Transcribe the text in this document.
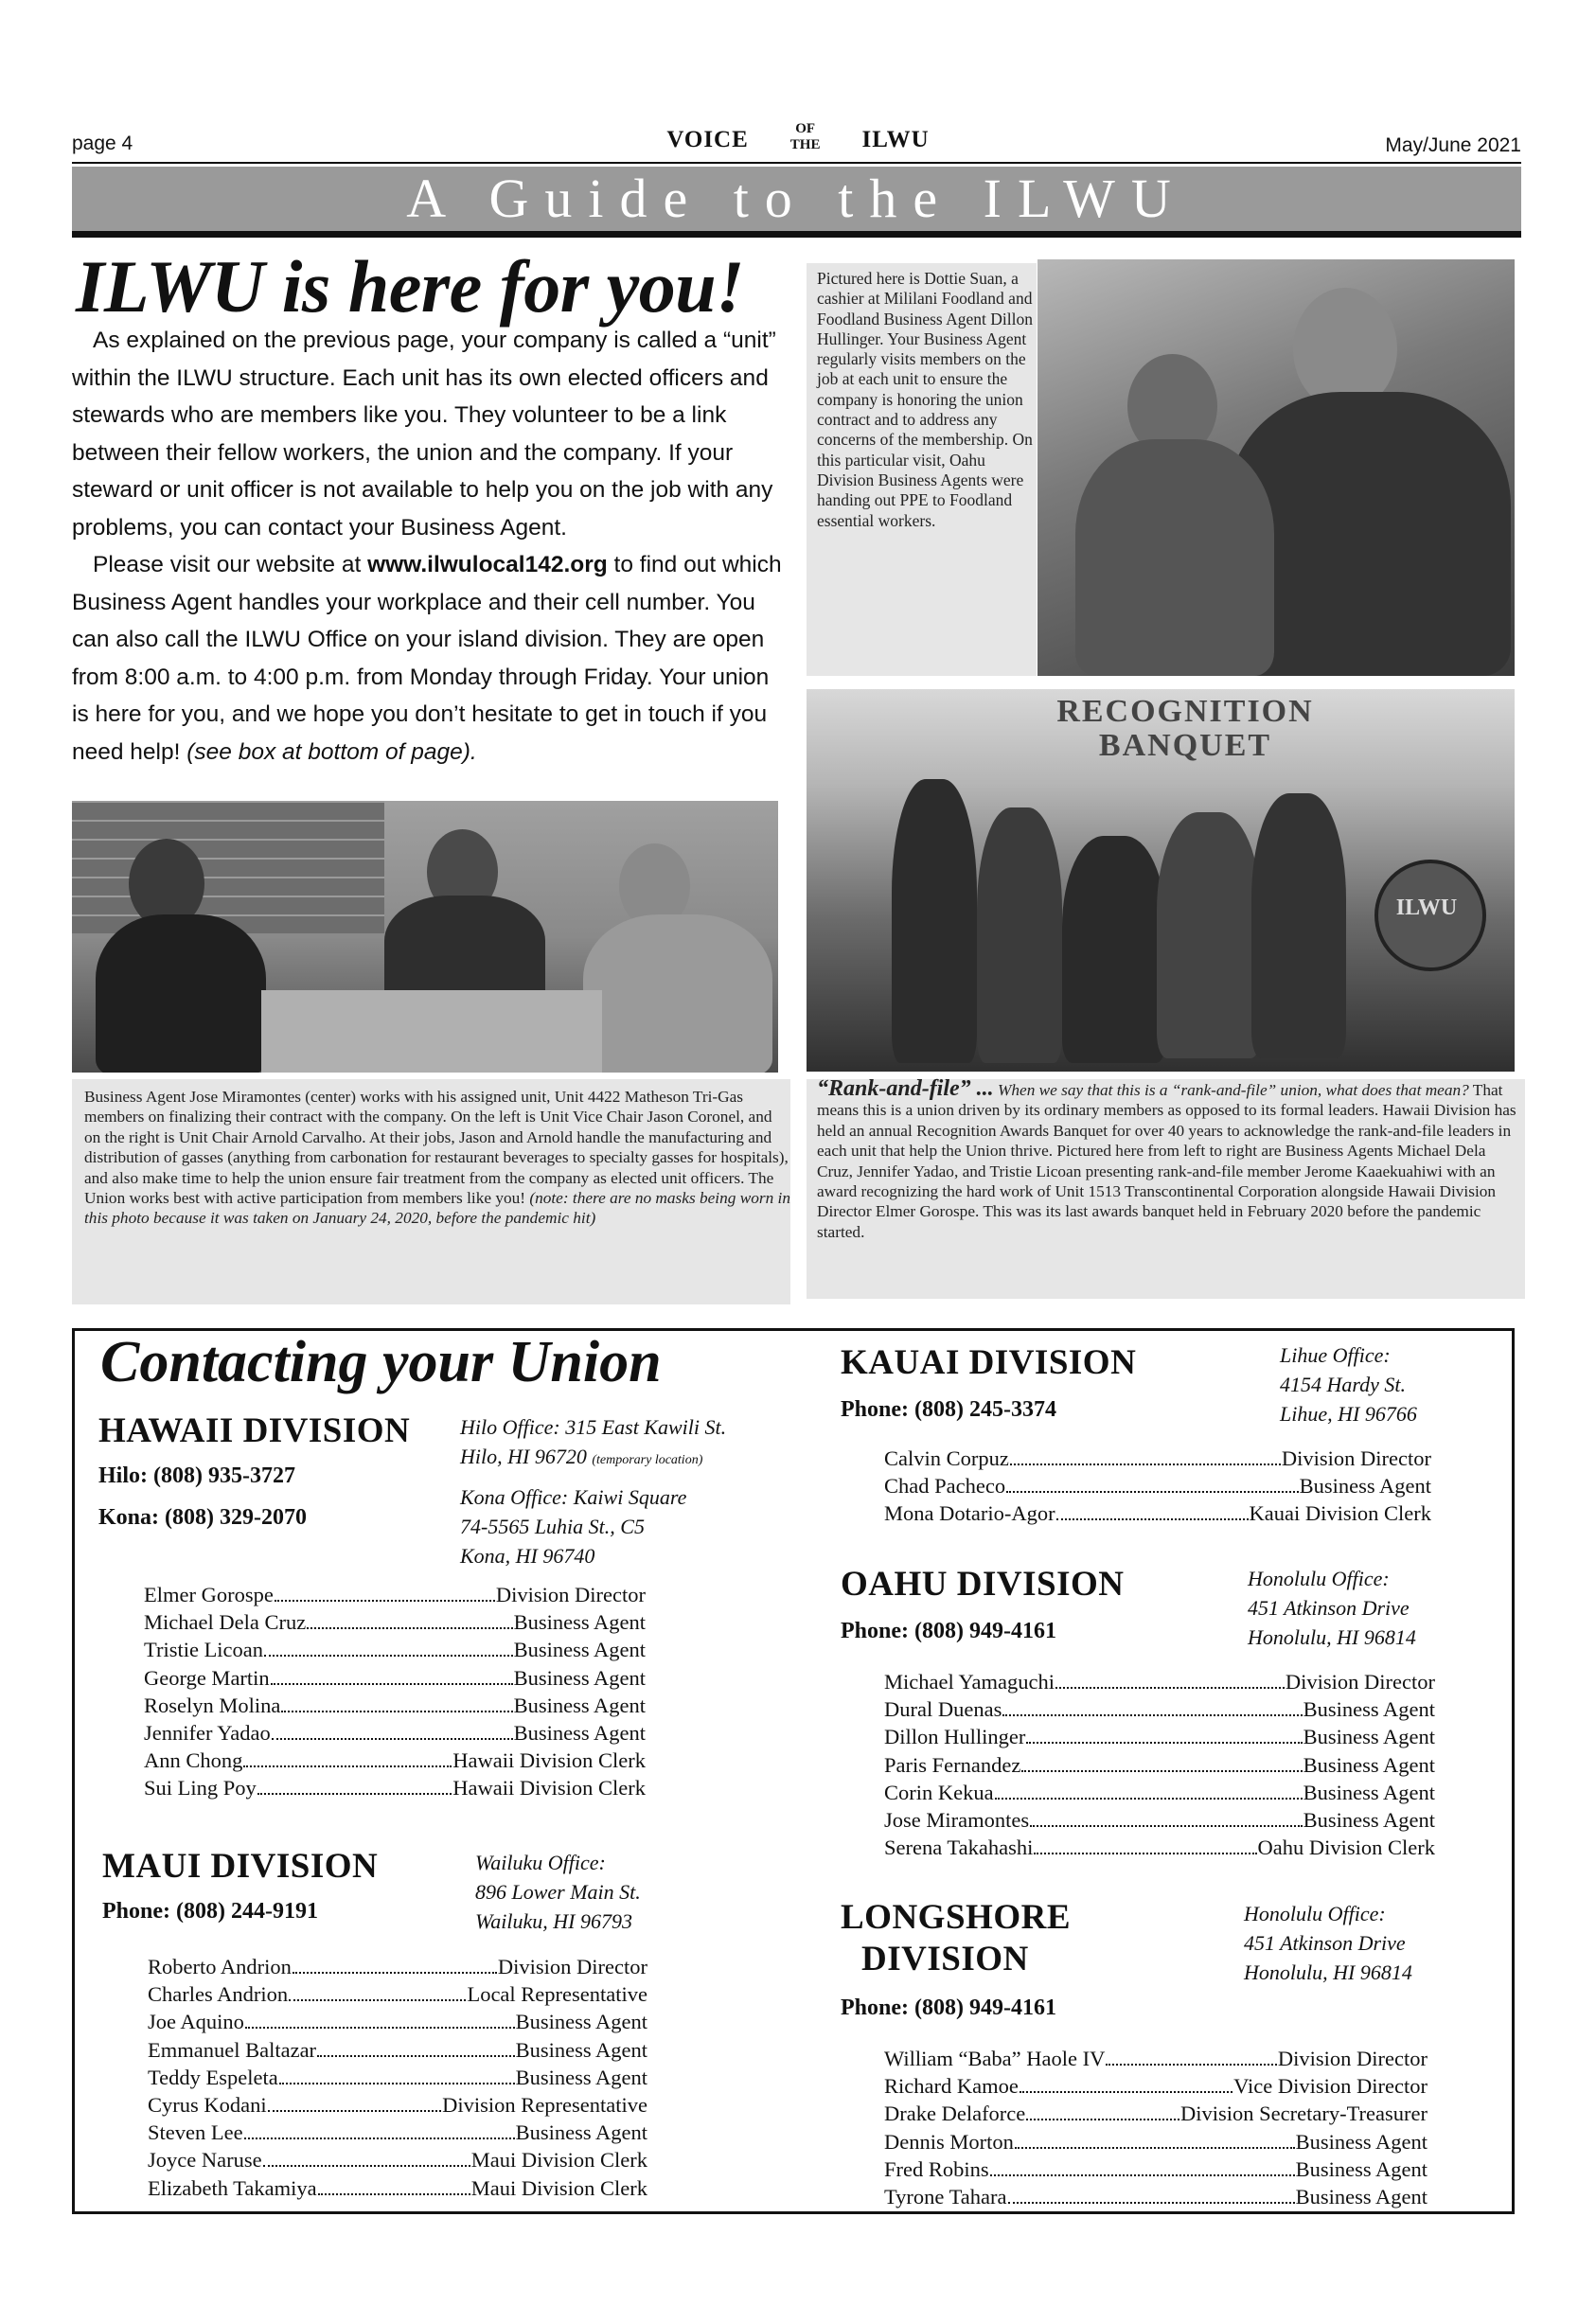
page 4	VOICE	OF
THE ILWU	May/June 2021
A Guide to the ILWU
ILWU is here for you!

As explained on the previous page, your company is called a “unit” within the ILWU structure. Each unit has its own elected officers and stewards who are members like you. They volunteer to be a link between their fellow workers, the union and the company. If your steward or unit officer is not available to help you on the job with any problems, you can contact your Business Agent.

Please visit our website at www.ilwulocal142.org to find out which Business Agent handles your workplace and their cell number. You can also call the ILWU Office on your island division. They are open from 8:00 a.m. to 4:00 p.m. from Monday through Friday. Your union is here for you, and we hope you don’t hesitate to get in touch if you need help! (see box at bottom of page).

Pictured here is Dottie Suan, a cashier at Mililani Foodland and Foodland Business Agent Dillon Hullinger. Your Business Agent regularly visits members on the job at each unit to ensure the company is honoring the union contract and to address any concerns of the membership. On this particular visit, Oahu Division Business Agents were handing out PPE to Foodland essential workers.
RECOGNITION BANQUET
ILWU
Business Agent Jose Miramontes (center) works with his assigned unit, Unit 4422 Matheson Tri-Gas members on finalizing their contract with the company. On the left is Unit Vice Chair Jason Coronel, and on the right is Unit Chair Arnold Carvalho. At their jobs, Jason and Arnold handle the manufacturing and distribution of gasses (anything from carbonation for restaurant beverages to specialty gasses for hospitals), and also make time to help the union ensure fair treatment from the company as elected unit officers. The Union works best with active participation from members like you! (note: there are no masks being worn in this photo because it was taken on January 24, 2020, before the pandemic hit)
“Rank-and-file” ... When we say that this is a “rank-and-file” union, what does that mean? That means this is a union driven by its ordinary members as opposed to its formal leaders. Hawaii Division has held an annual Recognition Awards Banquet for over 40 years to acknowledge the rank-and-file leaders in each unit that help the Union thrive. Pictured here from left to right are Business Agents Michael Dela Cruz, Jennifer Yadao, and Tristie Licoan presenting rank-and-file member Jerome Kaaekuahiwi with an award recognizing the hard work of Unit 1513 Transcontinental Corporation alongside Hawaii Division Director Elmer Gorospe. This was its last awards banquet held in February 2020 before the pandemic started.
Contacting your Union
HAWAII DIVISION
Hilo: (808) 935-3727
Kona: (808) 329-2070
Hilo Office: 315 East Kawili St.
Hilo, HI 96720 (temporary location)
Kona Office: Kaiwi Square
74-5565 Luhia St., C5
Kona, HI 96740
Elmer Gorospe	Division Director
Michael Dela Cruz	Business Agent
Tristie Licoan	Business Agent
George Martin	Business Agent
Roselyn Molina	Business Agent
Jennifer Yadao	Business Agent
Ann Chong	Hawaii Division Clerk
Sui Ling Poy	Hawaii Division Clerk
MAUI DIVISION
Phone: (808) 244-9191
Wailuku Office:
896 Lower Main St.
Wailuku, HI 96793
Roberto Andrion	Division Director
Charles Andrion	Local Representative
Joe Aquino	Business Agent
Emmanuel Baltazar	Business Agent
Teddy Espeleta	Business Agent
Cyrus Kodani	Division Representative
Steven Lee	Business Agent
Joyce Naruse	Maui Division Clerk
Elizabeth Takamiya	Maui Division Clerk
KAUAI DIVISION
Phone: (808) 245-3374
Lihue Office:
4154 Hardy St.
Lihue, HI 96766
Calvin Corpuz	Division Director
Chad Pacheco	Business Agent
Mona Dotario-Agor	Kauai Division Clerk
OAHU DIVISION
Phone: (808) 949-4161
Honolulu Office:
451 Atkinson Drive
Honolulu, HI 96814
Michael Yamaguchi	Division Director
Dural Duenas	Business Agent
Dillon Hullinger	Business Agent
Paris Fernandez	Business Agent
Corin Kekua	Business Agent
Jose Miramontes	Business Agent
Serena Takahashi	Oahu Division Clerk
LONGSHORE
DIVISION
Phone: (808) 949-4161
Honolulu Office:
451 Atkinson Drive
Honolulu, HI 96814
William “Baba” Haole IV	Division Director
Richard Kamoe	Vice Division Director
Drake Delaforce	Division Secretary-Treasurer
Dennis Morton	Business Agent
Fred Robins	Business Agent
Tyrone Tahara	Business Agent
